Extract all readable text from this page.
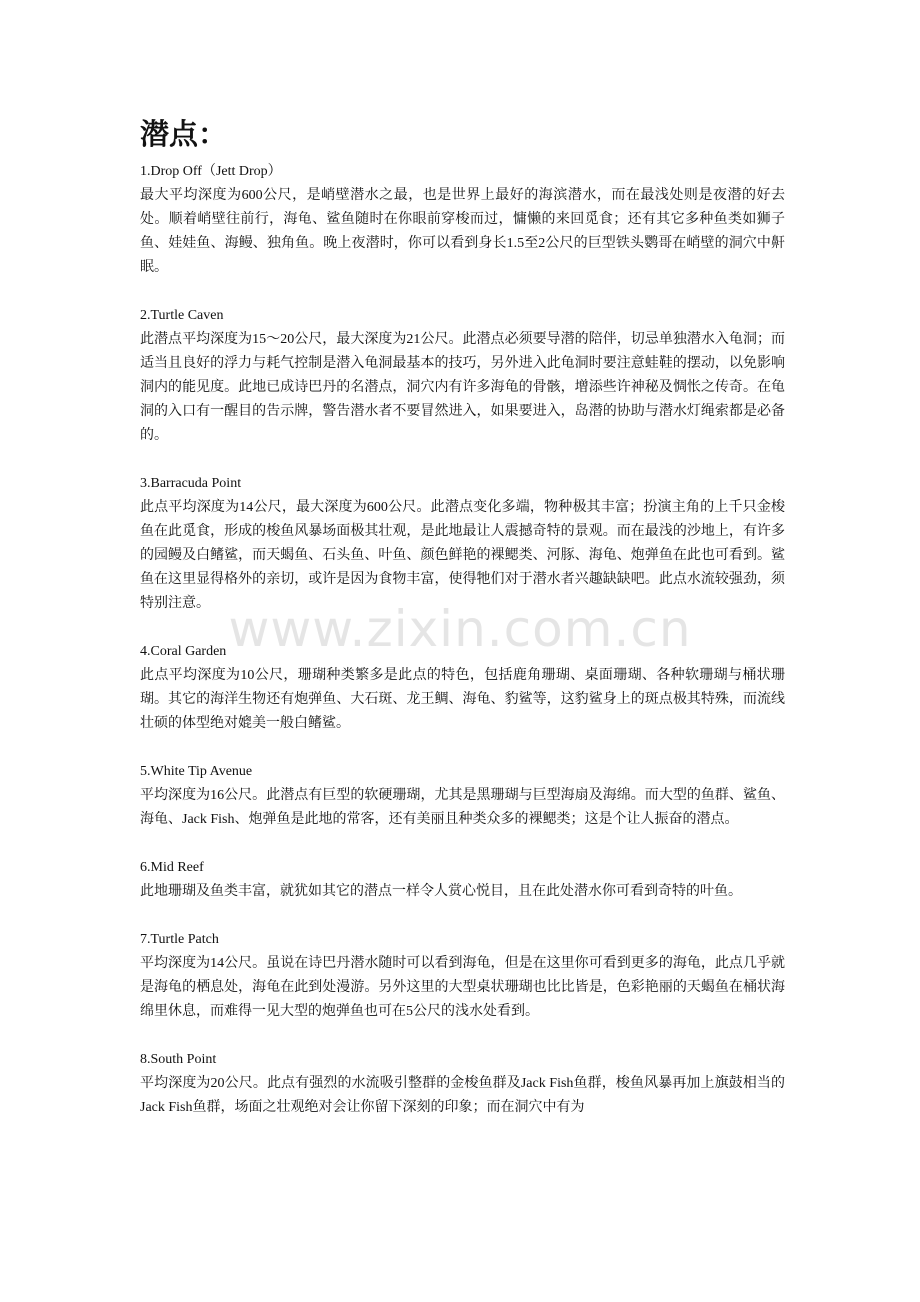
潜点：

1.Drop Off（Jett Drop）

最大平均深度为600公尺，是峭壁潜水之最，也是世界上最好的海滨潜水，而在最浅处则是夜潜的好去处。顺着峭壁往前行，海龟、鲨鱼随时在你眼前穿梭而过，慵懒的来回觅食；还有其它多种鱼类如狮子鱼、娃娃鱼、海鳗、独角鱼。晚上夜潜时，你可以看到身长1.5至2公尺的巨型铁头鹦哥在峭壁的洞穴中鼾眠。

2.Turtle Caven

此潜点平均深度为15～20公尺，最大深度为21公尺。此潜点必须要导潜的陪伴，切忌单独潜水入龟洞；而适当且良好的浮力与耗气控制是潜入龟洞最基本的技巧，另外进入此龟洞时要注意蛙鞋的摆动，以免影响洞内的能见度。此地已成诗巴丹的名潜点，洞穴内有许多海龟的骨骸，增添些许神秘及惆怅之传奇。在龟洞的入口有一醒目的告示牌，警告潜水者不要冒然进入，如果要进入，岛潜的协助与潜水灯绳索都是必备的。

3.Barracuda Point

此点平均深度为14公尺，最大深度为600公尺。此潜点变化多端，物种极其丰富；扮演主角的上千只金梭鱼在此觅食，形成的梭鱼风暴场面极其壮观，是此地最让人震撼奇特的景观。而在最浅的沙地上，有许多的园鳗及白鳍鲨，而天蝎鱼、石头鱼、叶鱼、颜色鲜艳的裸鳃类、河豚、海龟、炮弹鱼在此也可看到。鲨鱼在这里显得格外的亲切，或许是因为食物丰富，使得牠们对于潜水者兴趣缺缺吧。此点水流较强劲，须特别注意。

4.Coral Garden

此点平均深度为10公尺，珊瑚种类繁多是此点的特色，包括鹿角珊瑚、桌面珊瑚、各种软珊瑚与桶状珊瑚。其它的海洋生物还有炮弹鱼、大石斑、龙王鲷、海龟、豹鲨等，这豹鲨身上的斑点极其特殊，而流线壮硕的体型绝对媲美一般白鳍鲨。

5.White Tip Avenue

平均深度为16公尺。此潜点有巨型的软硬珊瑚，尤其是黑珊瑚与巨型海扇及海绵。而大型的鱼群、鲨鱼、海龟、Jack Fish、炮弹鱼是此地的常客，还有美丽且种类众多的裸鳃类；这是个让人振奋的潜点。

6.Mid Reef

此地珊瑚及鱼类丰富，就犹如其它的潜点一样令人赏心悦目，且在此处潜水你可看到奇特的叶鱼。

7.Turtle Patch

平均深度为14公尺。虽说在诗巴丹潜水随时可以看到海龟，但是在这里你可看到更多的海龟，此点几乎就是海龟的栖息处，海龟在此到处漫游。另外这里的大型桌状珊瑚也比比皆是，色彩艳丽的天蝎鱼在桶状海绵里休息，而难得一见大型的炮弹鱼也可在5公尺的浅水处看到。

8.South Point

平均深度为20公尺。此点有强烈的水流吸引整群的金梭鱼群及Jack Fish鱼群，梭鱼风暴再加上旗鼓相当的Jack Fish鱼群，场面之壮观绝对会让你留下深刻的印象；而在洞穴中有为

www.zixin.com.cn
